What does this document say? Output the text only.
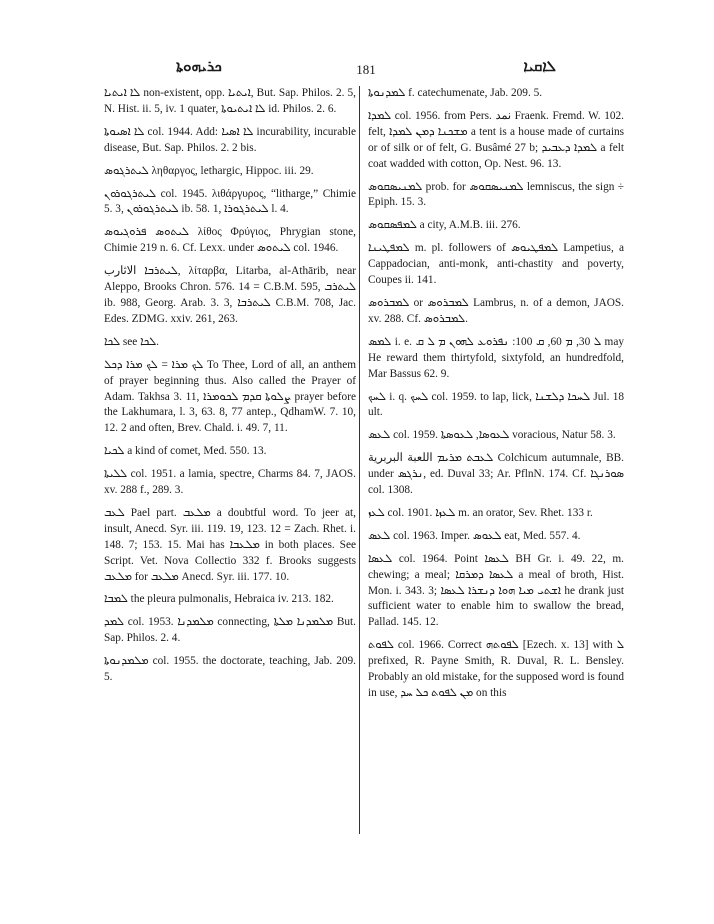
ܟܪܝܗܘܬܐ	181	ܠܐܩܝܐ

ܠܐ ܐܝܬܝܐ non-existent, opp. ܐܝܬܝܐ, But. Sap. Philos. 2. 5, N. Hist. ii. 5, iv. 1 quater, ܠܐ ܐܝܬܝܘܬܐ id. Philos. 2. 6.

ܠܐ ܐܣܝܘܬܐ col. 1944. Add: ܠܐ ܐܣܝܐ incurability, incurable disease, But. Sap. Philos. 2. 2 bis.

ܠܝܬܪܓܘܣ ληθαργος, lethargic, Hippoc. iii. 29.

ܠܝܬܪܓܘܪܘܢ col. 1945. λιθάργυρος, “litharge,” Chimie 5. 3, ܠܝܬܪܓܘܪܘܢ ib. 58. 1, ܠܝܬܪܓܘܪܐ l. 4.

ܠܝܬܘܣ ܦܪܘܓܝܘܣ λίθος Φρύγιος, Phrygian stone, Chimie 219 n. 6. Cf. Lexx. under ܠܝܬܘܣ col. 1946.

ܠܝܬܪܒܐ الاثارب, λίταρβα, Litarba, al-Athārib, near Aleppo, Brooks Chron. 576. 14 = C.B.M. 595, ܠܝܬܪܒ ib. 988, Georg. Arab. 3. 3, ܠܝܬܪܒܐ C.B.M. 708, Jac. Edes. ZDMG. xxiv. 261, 263.

ܠܟܐ see ܠܟܐ.

ܠܟ ܡܪܐ = ܠܟ ܡܪܐ ܕܟܠ To Thee, Lord of all, an anthem of prayer beginning thus. Also called the Prayer of Adam. Takhsa 3. 11, ܨܠܘܬܐ ܩܕܡ ܠܟܘܡܪܐ prayer before the Lakhumara, l. 3, 63. 8, 77 antep., QdhamW. 7. 10, 12. 2 and often, Brev. Chald. i. 49. 7, 11.

ܠܟܝܐ a kind of comet, Med. 550. 13.

ܠܠܝܬܐ col. 1951. a lamia, spectre, Charms 84. 7, JAOS. xv. 288 f., 289. 3.

ܠܥܒ Pael part. ܡܠܥܒ a doubtful word. To jeer at, insult, Anecd. Syr. iii. 119. 19, 123. 12 = Zach. Rhet. i. 148. 7; 153. 15. Mai has ܡܠܥܒܐ in both places. See Script. Vet. Nova Collectio 332 f. Brooks suggests ܡܠܥܒ for ܡܠܥܒ Anecd. Syr. iii. 177. 10.

ܠܡܒܐ the pleura pulmonalis, Hebraica iv. 213. 182.

ܠܡܕ col. 1953. ܡܠܡܕܢܐ connecting, ܡܠܡܕܢܐ ܡܠܬܐ But. Sap. Philos. 2. 4.

ܡܠܡܕܢܘܬܐ col. 1955. the doctorate, teaching, Jab. 209. 5.

ܠܡܕܢܘܬܐ f. catechumenate, Jab. 209. 5.

ܠܡܕܐ col. 1956. from Pers. نمد Fraenk. Fremd. W. 102. felt, ܡܫܟܢܐ ܕܡܢ ܠܡܕܐ a tent is a house made of curtains or of silk or of felt, G. Busâmé 27 b; ܠܡܕܐ ܕܥܒܝܕ a felt coat wadded with cotton, Op. Nest. 96. 13.

ܠܡܢܝܣܩܘܣ prob. for ܠܡܢܝܣܩܘܣ lemniscus, the sign ÷ Epiph. 15. 3.

ܠܡܦܣܩܘܣ a city, A.M.B. iii. 276.

ܠܡܦܛܝܢܐ m. pl. followers of ܠܡܦܛܝܘܣ Lampetius, a Cappadocian, anti-monk, anti-chastity and poverty, Coupes ii. 141.

ܠܡܒܪܘܣ or ܠܡܒܪܘܣ Lambrus, n. of a demon, JAOS. xv. 288. Cf. ܠܡܒܪܘܣ.

ܠܡܣ i. e. ܠ 30, ܡ 60, ܩ 100: ܢܦܪܘܥ ܠܗܘܢ ܡ ܠ ܩ may He reward them thirtyfold, sixtyfold, an hundredfold, Mar Bassus 62. 9.

ܠܚܟ i. q. ܠܚܟ col. 1959. to lap, lick, ܠܚܟܐ ܕܠܫܢܐ Jul. 18 ult.

ܠܥܣ col. 1959. ܠܥܘܣܐ, ܠܥܘܣܬܐ voracious, Natur 58. 3.

ܠܥܒܬ ܡܪܝܡ اللعبة البربرية Colchicum autumnale, BB. under ܢܪܓܣ, ed. Duval 33; Ar. PflnN. 174. Cf. ܣܘܪܢܓܐ col. 1308.

ܠܥܙ col. 1901. ܠܥܙܐ m. an orator, Sev. Rhet. 133 r.

ܠܥܣ col. 1963. Imper. ܠܥܘܣ eat, Med. 557. 4.

ܠܥܣܐ col. 1964. Point ܠܥܣܐ BH Gr. i. 49. 22, m. chewing; a meal; ܠܥܣܐ ܕܡܪܩܐ a meal of broth, Hist. Mon. i. 343. 3; ܐܫܬܝ ܡܝܐ ܗܘܐ ܕܢܫܪܐ ܠܥܣܐ he drank just sufficient water to enable him to swallow the bread, Pallad. 145. 12.

ܠܦܘܬ col. 1966. Correct ܠܦܘܬܗ [Ezech. x. 13] with ܠ prefixed, R. Payne Smith, R. Duval, R. L. Bensley. Probably an old mistake, for the supposed word is found in use, ܡܢ ܠܦܘܬ ܟܠ ܚܕ on this
